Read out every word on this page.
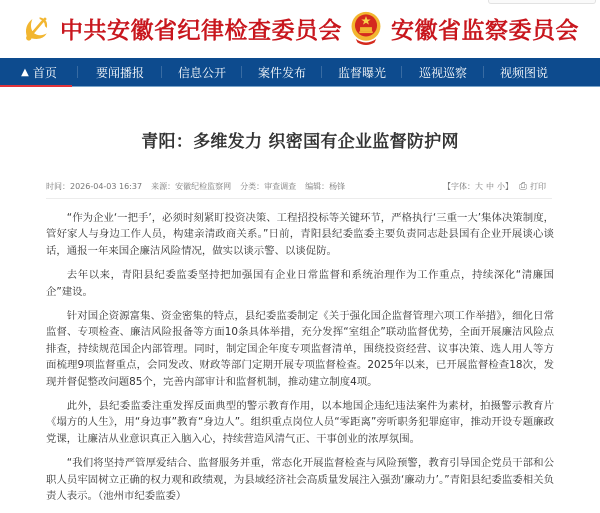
中共安徽省纪律检查委员会 安徽省监察委员会
▲ 首页	要闻播报	信息公开	案件发布	监督曝光	巡视巡察	视频图说
青阳：多维发力 织密国有企业监督防护网
时间：2026-04-03 16:37 来源：安徽纪检监察网 分类：审查调查 编辑：杨锋	【字体：大 中 小】 ⎙ 打印

“作为企业‘一把手’，必须时刻紧盯投资决策、工程招投标等关键环节，严格执行‘三重一大’集体决策制度，管好家人与身边工作人员，构建亲清政商关系。”日前，青阳县纪委监委主要负责同志赴县国有企业开展谈心谈话，通报一年来国企廉洁风险情况，做实以谈示警、以谈促防。

去年以来，青阳县纪委监委坚持把加强国有企业日常监督和系统治理作为工作重点，持续深化“清廉国企”建设。

针对国企资源富集、资金密集的特点，县纪委监委制定《关于强化国企监督管理六项工作举措》，细化日常监督、专项检查、廉洁风险报备等方面10条具体举措，充分发挥“室组企”联动监督优势，全面开展廉洁风险点排查，持续规范国企内部管理。同时，制定国企年度专项监督清单，围绕投资经营、议事决策、选人用人等方面梳理9项监督重点，会同发改、财政等部门定期开展专项监督检查。2025年以来，已开展监督检查18次，发现并督促整改问题85个，完善内部审计和监督机制，推动建立制度4项。

此外，县纪委监委注重发挥反面典型的警示教育作用，以本地国企违纪违法案件为素材，拍摄警示教育片《塌方的人生》，用“身边事”教育“身边人”。组织重点岗位人员“零距离”旁听职务犯罪庭审，推动开设专题廉政党课，让廉洁从业意识真正入脑入心，持续营造风清气正、干事创业的浓厚氛围。

“我们将坚持严管厚爱结合、监督服务并重，常态化开展监督检查与风险预警，教育引导国企党员干部和公职人员牢固树立正确的权力观和政绩观，为县域经济社会高质量发展注入强劲‘廉动力’。”青阳县纪委监委相关负责人表示。（池州市纪委监委）
